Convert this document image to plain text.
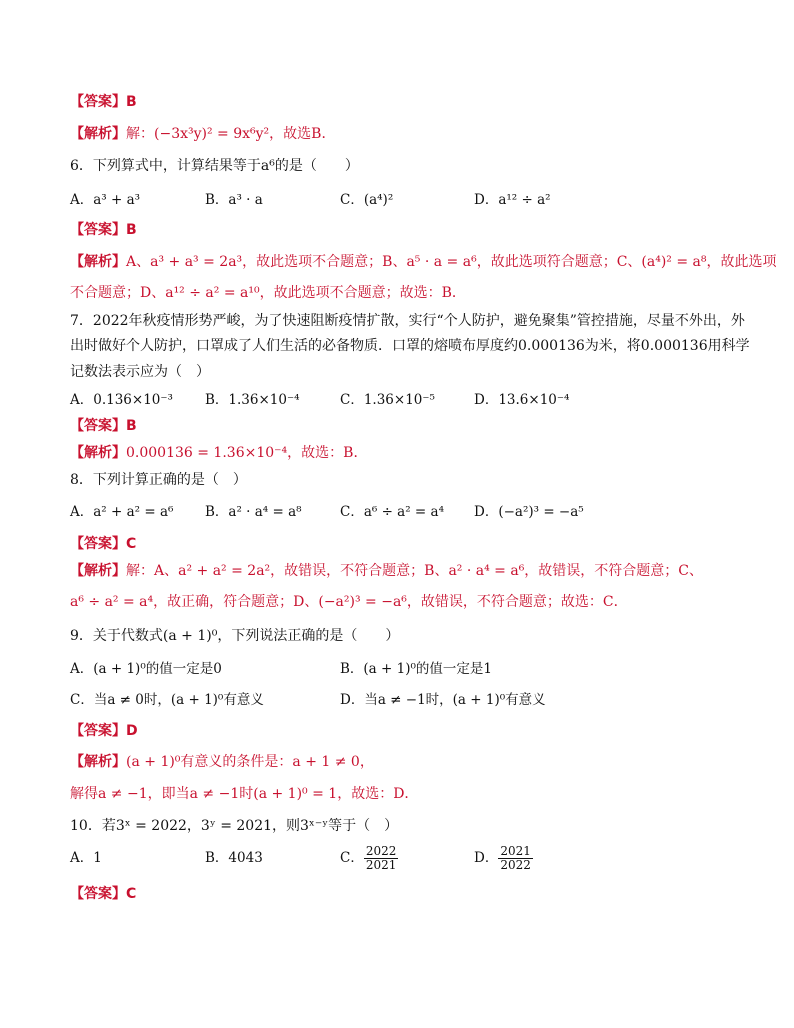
【答案】B
【解析】解：(−3x³y)² = 9x⁶y²，故选B．
6．下列算式中，计算结果等于a⁶的是（　　）
A．a³ + a³	B．a³ · a	C．(a⁴)²	D．a¹² ÷ a²
【答案】B
【解析】A、a³ + a³ = 2a³，故此选项不合题意；B、a⁵ · a = a⁶，故此选项符合题意；C、(a⁴)² = a⁸，故此选项
不合题意；D、a¹² ÷ a² = a¹⁰，故此选项不合题意；故选：B．
7．2022年秋疫情形势严峻，为了快速阻断疫情扩散，实行“个人防护，避免聚集”管控措施，尽量不外出，外
出时做好个人防护，口罩成了人们生活的必备物质．口罩的熔喷布厚度约0.000136为米，将0.000136用科学
记数法表示应为（　）
A．0.136×10⁻³ B．1.36×10⁻⁴	C．1.36×10⁻⁵	D．13.6×10⁻⁴
【答案】B
【解析】0.000136 = 1.36×10⁻⁴，故选：B．
8．下列计算正确的是（　）
A．a² + a² = a⁶ B．a² · a⁴ = a⁸	C．a⁶ ÷ a² = a⁴ D．(−a²)³ = −a⁵
【答案】C
【解析】解：A、a² + a² = 2a²，故错误，不符合题意；B、a² · a⁴ = a⁶，故错误，不符合题意；C、
a⁶ ÷ a² = a⁴，故正确，符合题意；D、(−a²)³ = −a⁶，故错误，不符合题意；故选：C．
9．关于代数式(a + 1)⁰，下列说法正确的是（　　）
A．(a + 1)⁰的值一定是0	B．(a + 1)⁰的值一定是1
C．当a ≠ 0时，(a + 1)⁰有意义	D．当a ≠ −1时，(a + 1)⁰有意义
【答案】D
【解析】(a + 1)⁰有意义的条件是：a + 1 ≠ 0，
解得a ≠ −1，即当a ≠ −1时(a + 1)⁰ = 1，故选：D．
10．若3ˣ = 2022，3ʸ = 2021，则3ˣ⁻ʸ等于（　）
A．1	B．4043	C． $\frac{2022}{2021}$	D． $\frac{2021}{2022}$
【答案】C
